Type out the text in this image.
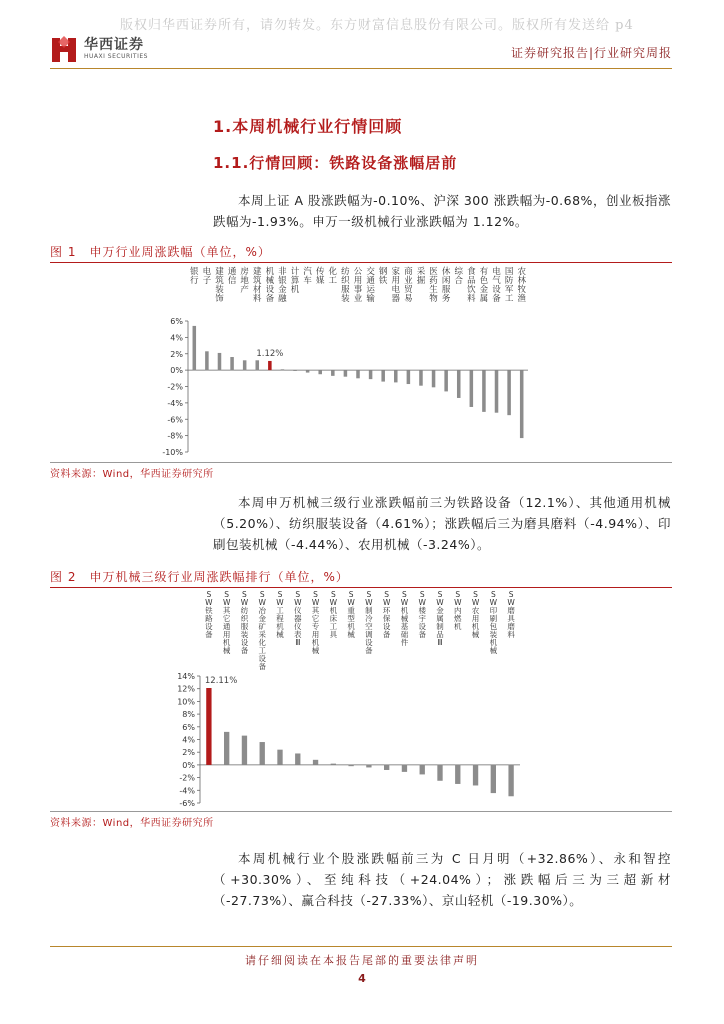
版权归华西证券所有，请勿转发。东方财富信息股份有限公司。版权所有发送给 p4
华西证券
HUAXI SECURITIES	证券研究报告|行业研究周报
1.本周机械行业行情回顾
1.1.行情回顾：铁路设备涨幅居前

本周上证 A 股涨跌幅为-0.10%、沪深 300 涨跌幅为-0.68%，创业板指涨跌幅为-1.93%。申万一级机械行业涨跌幅为 1.12%。

图 1　申万行业周涨跌幅（单位，%）
6%
4%
2%
0%
-2%
-4%
-6%
-8%
-10%
银行
电子
建筑装饰
通信
房地产
建筑材料
机械设备
1.12%
非银金融
计算机
汽车
传媒
化工
纺织服装
公用事业
交通运输
钢铁
家用电器
商业贸易
采掘
医药生物
休闲服务
综合
食品饮料
有色金属
电气设备
国防军工
农林牧渔
资料来源：Wind，华西证券研究所

本周申万机械三级行业涨跌幅前三为铁路设备（12.1%）、其他通用机械（5.20%）、纺织服装设备（4.61%）；涨跌幅后三为磨具磨料（-4.94%）、印刷包装机械（-4.44%）、农用机械（-3.24%）。

图 2　申万机械三级行业周涨跌幅排行（单位，%）
14%
12%
10%
8%
6%
4%
2%
0%
-2%
-4%
-6%
S W 铁路设备
12.11%
S W 其它通用机械
S W 纺织服装设备
S W 冶金矿采化工设备
S W 工程机械
S W 仪器仪表 Ⅲ
S W 其它专用机械
S W 机床工具
S W 重型机械
S W 制冷空调设备
S W 环保设备
S W 机械基础件
S W 楼宇设备
S W 金属制品 Ⅲ
S W 内燃机
S W 农用机械
S W 印刷包装机械
S W 磨具磨料
资料来源：Wind，华西证券研究所

本周机械行业个股涨跌幅前三为 C 日月明（+32.86%）、永和智控（+30.30%）、至纯科技（+24.04%）；涨跌幅后三为三超新材（-27.73%）、赢合科技（-27.33%）、京山轻机（-19.30%）。

请仔细阅读在本报告尾部的重要法律声明
4
